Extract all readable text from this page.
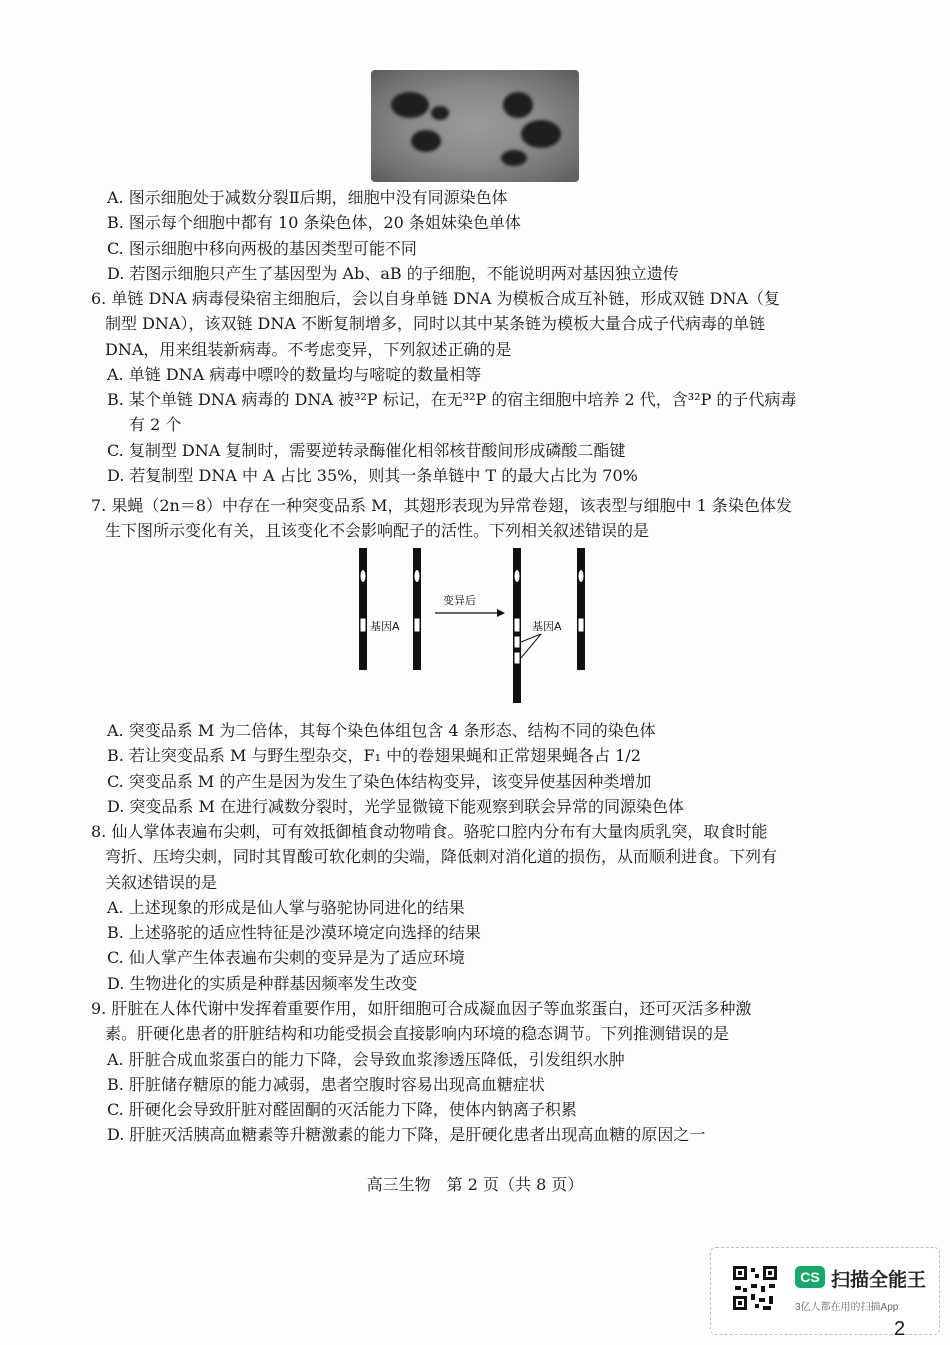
A. 图示细胞处于减数分裂Ⅱ后期，细胞中没有同源染色体
B. 图示每个细胞中都有 10 条染色体，20 条姐妹染色单体
C. 图示细胞中移向两极的基因类型可能不同
D. 若图示细胞只产生了基因型为 Ab、aB 的子细胞，不能说明两对基因独立遗传
6. 单链 DNA 病毒侵染宿主细胞后，会以自身单链 DNA 为模板合成互补链，形成双链 DNA（复
制型 DNA），该双链 DNA 不断复制增多，同时以其中某条链为模板大量合成子代病毒的单链
DNA，用来组装新病毒。不考虑变异，下列叙述正确的是
A. 单链 DNA 病毒中嘌呤的数量均与嘧啶的数量相等
B. 某个单链 DNA 病毒的 DNA 被³²P 标记，在无³²P 的宿主细胞中培养 2 代，含³²P 的子代病毒
有 2 个
C. 复制型 DNA 复制时，需要逆转录酶催化相邻核苷酸间形成磷酸二酯键
D. 若复制型 DNA 中 A 占比 35%，则其一条单链中 T 的最大占比为 70%
7. 果蝇（2n＝8）中存在一种突变品系 M，其翅形表现为异常卷翅，该表型与细胞中 1 条染色体发
生下图所示变化有关，且该变化不会影响配子的活性。下列相关叙述错误的是
基因A
变异后
基因A
A. 突变品系 M 为二倍体，其每个染色体组包含 4 条形态、结构不同的染色体
B. 若让突变品系 M 与野生型杂交，F₁ 中的卷翅果蝇和正常翅果蝇各占 1/2
C. 突变品系 M 的产生是因为发生了染色体结构变异，该变异使基因种类增加
D. 突变品系 M 在进行减数分裂时，光学显微镜下能观察到联会异常的同源染色体
8. 仙人掌体表遍布尖刺，可有效抵御植食动物啃食。骆驼口腔内分布有大量肉质乳突，取食时能
弯折、压垮尖刺，同时其胃酸可软化刺的尖端，降低刺对消化道的损伤，从而顺利进食。下列有
关叙述错误的是
A. 上述现象的形成是仙人掌与骆驼协同进化的结果
B. 上述骆驼的适应性特征是沙漠环境定向选择的结果
C. 仙人掌产生体表遍布尖刺的变异是为了适应环境
D. 生物进化的实质是种群基因频率发生改变
9. 肝脏在人体代谢中发挥着重要作用，如肝细胞可合成凝血因子等血浆蛋白，还可灭活多种激
素。肝硬化患者的肝脏结构和功能受损会直接影响内环境的稳态调节。下列推测错误的是
A. 肝脏合成血浆蛋白的能力下降，会导致血浆渗透压降低，引发组织水肿
B. 肝脏储存糖原的能力减弱，患者空腹时容易出现高血糖症状
C. 肝硬化会导致肝脏对醛固酮的灭活能力下降，使体内钠离子积累
D. 肝脏灭活胰高血糖素等升糖激素的能力下降，是肝硬化患者出现高血糖的原因之一
高三生物　第 2 页（共 8 页）
CS 扫描全能王
3亿人都在用的扫描App
2
